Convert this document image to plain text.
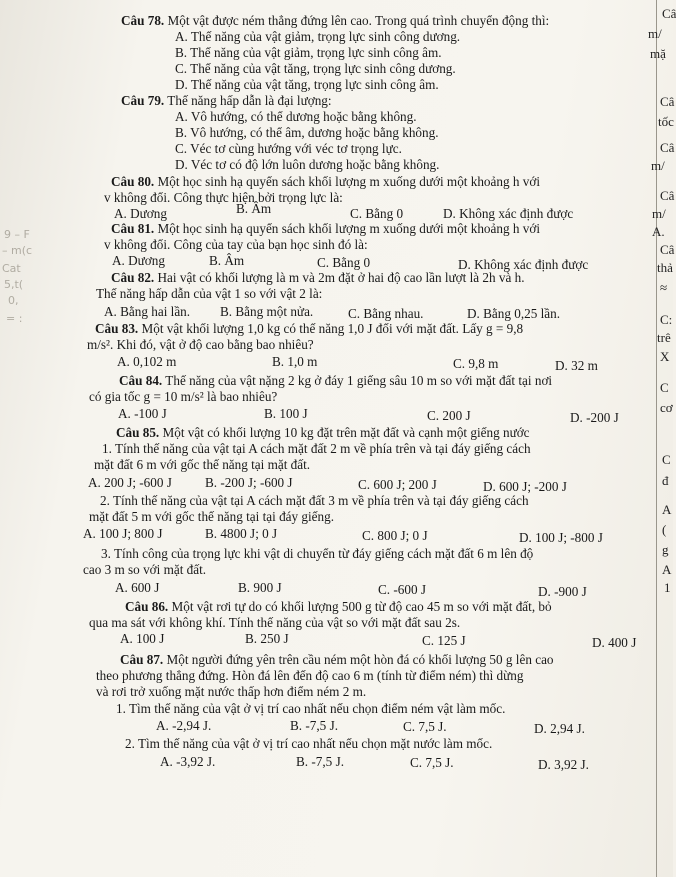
Câu 78. Một vật được ném thẳng đứng lên cao. Trong quá trình chuyển động thì:
A. Thế năng của vật giảm, trọng lực sinh công dương.
B. Thế năng của vật giảm, trọng lực sinh công âm.
C. Thế năng của vật tăng, trọng lực sinh công dương.
D. Thế năng của vật tăng, trọng lực sinh công âm.
Câu 79. Thế năng hấp dẫn là đại lượng:
A. Vô hướng, có thể dương hoặc bằng không.
B. Vô hướng, có thể âm, dương hoặc bằng không.
C. Véc tơ cùng hướng với véc tơ trọng lực.
D. Véc tơ có độ lớn luôn dương hoặc bằng không.
Câu 80. Một học sinh hạ quyển sách khối lượng m xuống dưới một khoảng h với
v không đổi. Công thực hiện bởi trọng lực là:
A. Dương	B. Âm	C. Bằng 0	D. Không xác định được
Câu 81. Một học sinh hạ quyển sách khối lượng m xuống dưới một khoảng h với
v không đổi. Công của tay của bạn học sinh đó là:
A. Dương	B. Âm	C. Bằng 0	D. Không xác định được
Câu 82. Hai vật có khối lượng là m và 2m đặt ở hai độ cao lần lượt là 2h và h.
Thế năng hấp dẫn của vật 1 so với vật 2 là:
A. Bằng hai lần. B. Bằng một nửa.	C. Bằng nhau.	D. Bằng 0,25 lần.
Câu 83. Một vật khối lượng 1,0 kg có thế năng 1,0 J đối với mặt đất. Lấy g = 9,8
m/s². Khi đó, vật ở độ cao bằng bao nhiêu?
A. 0,102 m	B. 1,0 m	C. 9,8 m	D. 32 m
Câu 84. Thế năng của vật nặng 2 kg ở đáy 1 giếng sâu 10 m so với mặt đất tại nơi
có gia tốc g = 10 m/s² là bao nhiêu?
A. -100 J	B. 100 J	C. 200 J	D. -200 J
Câu 85. Một vật có khối lượng 10 kg đặt trên mặt đất và cạnh một giếng nước
1. Tính thế năng của vật tại A cách mặt đất 2 m về phía trên và tại đáy giếng cách
mặt đất 6 m với gốc thế năng tại mặt đất.
A. 200 J; -600 J	B. -200 J; -600 J	C. 600 J; 200 J	D. 600 J; -200 J
2. Tính thế năng của vật tại A cách mặt đất 3 m về phía trên và tại đáy giếng cách
mặt đất 5 m với gốc thế năng tại tại đáy giếng.
A. 100 J; 800 J	B. 4800 J; 0 J	C. 800 J; 0 J	D. 100 J; -800 J
3. Tính công của trọng lực khi vật di chuyển từ đáy giếng cách mặt đất 6 m lên độ
cao 3 m so với mặt đất.
A. 600 J	B. 900 J	C. -600 J	D. -900 J
Câu 86. Một vật rơi tự do có khối lượng 500 g từ độ cao 45 m so với mặt đất, bỏ
qua ma sát với không khí. Tính thế năng của vật so với mặt đất sau 2s.
A. 100 J	B. 250 J	C. 125 J	D. 400 J
Câu 87. Một người đứng yên trên cầu ném một hòn đá có khối lượng 50 g lên cao
theo phương thẳng đứng. Hòn đá lên đến độ cao 6 m (tính từ điểm ném) thì dừng
và rơi trở xuống mặt nước thấp hơn điểm ném 2 m.
1. Tìm thế năng của vật ở vị trí cao nhất nếu chọn điểm ném vật làm mốc.
A. -2,94 J.	B. -7,5 J.	C. 7,5 J.	D. 2,94 J.
2. Tìm thế năng của vật ở vị trí cao nhất nếu chọn mặt nước làm mốc.
A. -3,92 J.	B. -7,5 J.	C. 7,5 J.	D. 3,92 J.
9 – F
– m(c
Cat
5,t(
0,
= :
Câ
m/
mặ
Câ
tốc
Câ
m/
Câ
m/
A.
Câ
thả
≈
C:
trê
X
C
cơ
C
đ
A
(
g
A
1
